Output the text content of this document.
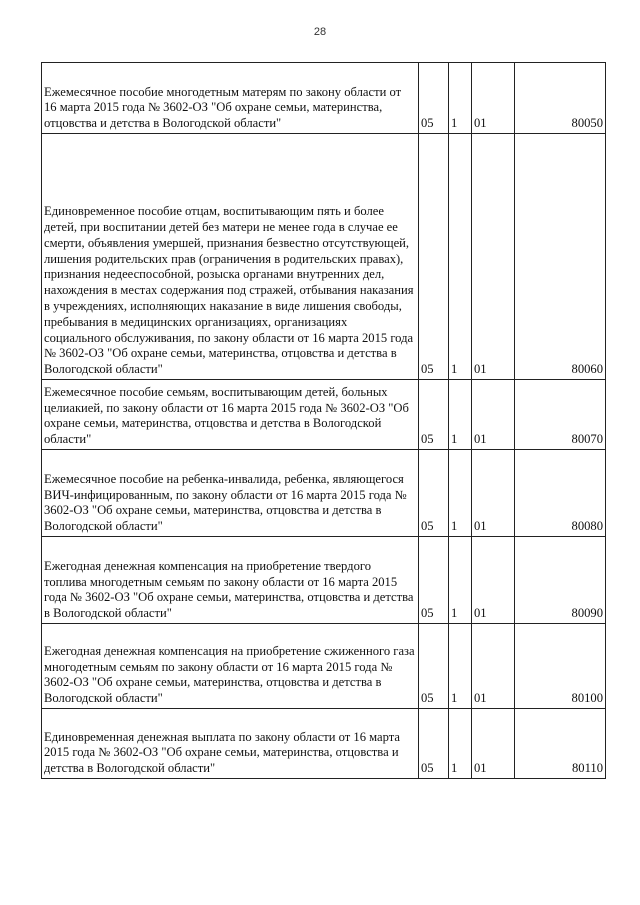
28
Ежемесячное пособие многодетным матерям по закону области от 16 марта 2015 года № 3602-ОЗ "Об охране семьи, материнства, отцовства и детства в Вологодской области"	05	1	01	80050

Единовременное пособие отцам, воспитывающим пять и более детей, при воспитании детей без матери не менее года в случае ее смерти, объявления умершей, признания безвестно отсутствующей, лишения родительских прав (ограничения в родительских правах), признания недееспособной, розыска органами внутренних дел, нахождения в местах содержания под стражей, отбывания наказания в учреждениях, исполняющих наказание в виде лишения свободы, пребывания в медицинских организациях, организациях социального обслуживания, по закону области от 16 марта 2015 года № 3602-ОЗ "Об охране семьи, материнства, отцовства и детства в Вологодской области"	05	1	01	80060

Ежемесячное пособие семьям, воспитывающим детей, больных целиакией, по закону области от 16 марта 2015 года № 3602-ОЗ "Об охране семьи, материнства, отцовства и детства в Вологодской области"	05	1	01	80070

Ежемесячное пособие на ребенка-инвалида, ребенка, являющегося ВИЧ-инфицированным, по закону области от 16 марта 2015 года № 3602-ОЗ "Об охране семьи, материнства, отцовства и детства в Вологодской области"	05	1	01	80080

Ежегодная денежная компенсация на приобретение твердого топлива многодетным семьям по закону области от 16 марта 2015 года № 3602-ОЗ "Об охране семьи, материнства, отцовства и детства в Вологодской области"	05	1	01	80090

Ежегодная денежная компенсация на приобретение сжиженного газа многодетным семьям по закону области от 16 марта 2015 года № 3602-ОЗ "Об охране семьи, материнства, отцовства и детства в Вологодской области"	05	1	01	80100

Единовременная денежная выплата по закону области от 16 марта 2015 года № 3602-ОЗ "Об охране семьи, материнства, отцовства и детства в Вологодской области"	05	1	01	80110
